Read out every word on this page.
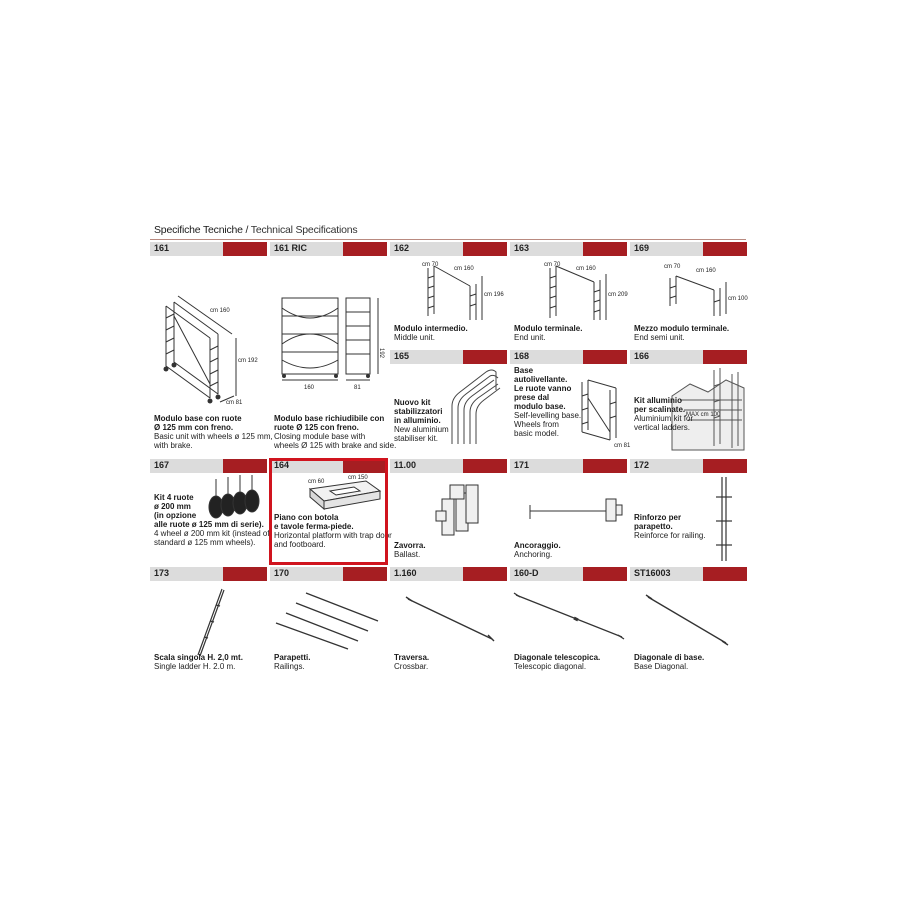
Specifiche Tecniche / Technical Specifications
161
cm 160
cm 192
cm 81
Modulo base con ruote
Ø 125 mm con freno.
Basic unit with wheels ø 125 mm,
with brake.
161 RIC
192
160	81
Modulo base richiudibile con
ruote Ø 125 con freno.
Closing module base with
wheels Ø 125 with brake and side.
162
cm 70
cm 160
cm 196
Modulo intermedio.
Middle unit.
163
cm 70
cm 160
cm 209
Modulo terminale.
End unit.
169
cm 70
cm 160
cm 100
Mezzo modulo terminale.
End semi unit.
165
Nuovo kit
stabilizzatori
in alluminio.
New aluminium
stabiliser kit.
168
cm 81
Base
autolivellante.
Le ruote vanno
prese dal
modulo base.
Self-levelling base.
Wheels from
basic model.
166
MAX cm 100
Kit alluminio
per scalinate.
Aluminium kit for
vertical ladders.
167
Kit 4 ruote
ø 200 mm
(in opzione
alle ruote ø 125 mm di serie).
4 wheel ø 200 mm kit (instead of
standard ø 125 mm wheels).
164
cm 60
cm 150
Piano con botola
e tavole ferma-piede.
Horizontal platform with trap door
and footboard.
11.00
Zavorra.
Ballast.
171
Ancoraggio.
Anchoring.
172
Rinforzo per
parapetto.
Reinforce for railing.
173
Scala singola H. 2,0 mt.
Single ladder H. 2.0 m.
170
Parapetti.
Railings.
1.160
Traversa.
Crossbar.
160-D
Diagonale telescopica.
Telescopic diagonal.
ST16003
Diagonale di base.
Base Diagonal.
